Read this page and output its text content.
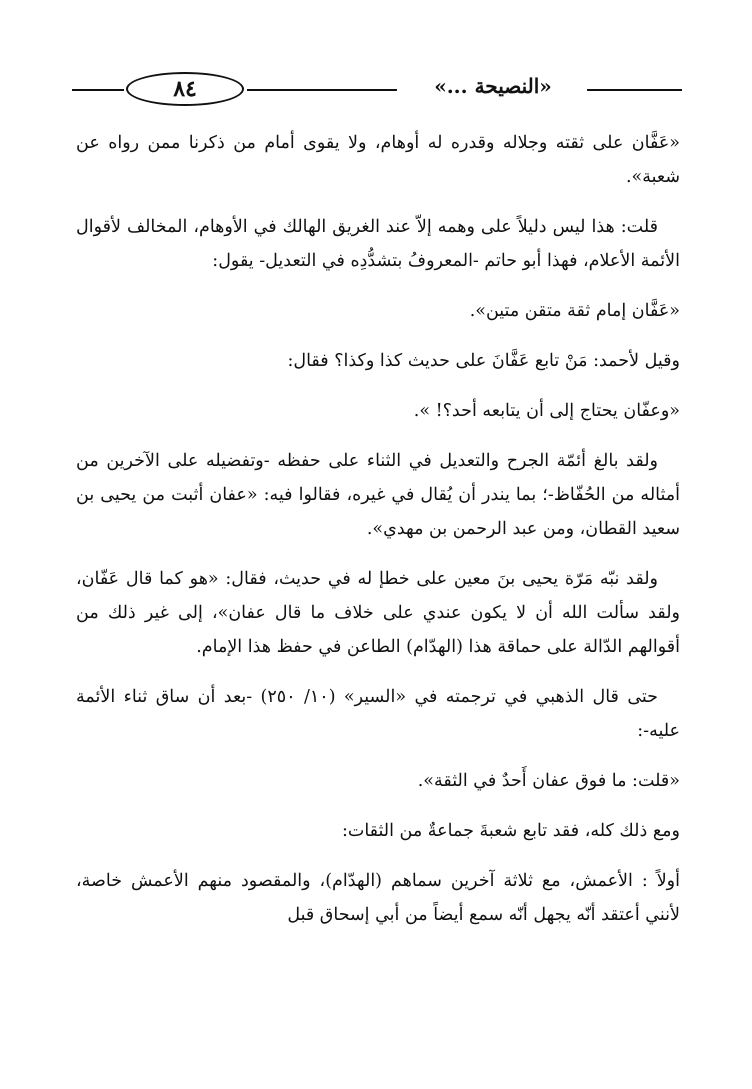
٨٤	«النصيحة ...»

«عَفَّان على ثقته وجلاله وقدره له أوهام، ولا يقوى أمام من ذكرنا ممن رواه عن شعبة».

قلت: هذا ليس دليلاً على وهمه إلاّ عند الغريق الهالك في الأوهام، المخالف لأقوال الأئمة الأعلام، فهذا أبو حاتم -المعروفُ بتشدُّدِه في التعديل- يقول:

«عَفَّان إمام ثقة متقن متين».

وقيل لأحمد: مَنْ تابع عَفَّانَ على حديث كذا وكذا؟ فقال:

«وعفّان يحتاج إلى أن يتابعه أحد؟! ».

ولقد بالغ أئمّة الجرح والتعديل في الثناء على حفظه -وتفضيله على الآخرين من أمثاله من الحُفّاظ-؛ بما يندر أن يُقال في غيره، فقالوا فيه: «عفان أثبت من يحيى بن سعيد القطان، ومن عبد الرحمن بن مهدي».

ولقد نبّه مَرّة يحيى بنَ معين على خطإ له في حديث، فقال: «هو كما قال عَفّان، ولقد سألت الله أن لا يكون عندي على خلاف ما قال عفان»، إلى غير ذلك من أقوالهم الدّالة على حماقة هذا (الهدّام) الطاعن في حفظ هذا الإمام.

حتى قال الذهبي في ترجمته في «السير» (١٠/ ٢٥٠) -بعد أن ساق ثناء الأئمة عليه-:

«قلت: ما فوق عفان أَحدٌ في الثقة».

ومع ذلك كله، فقد تابع شعبةَ جماعةٌ من الثقات:

أولاً : الأعمش، مع ثلاثة آخرين سماهم (الهدّام)، والمقصود منهم الأعمش خاصة، لأنني أعتقد أنّه يجهل أنّه سمع أيضاً من أبي إسحاق قبل
